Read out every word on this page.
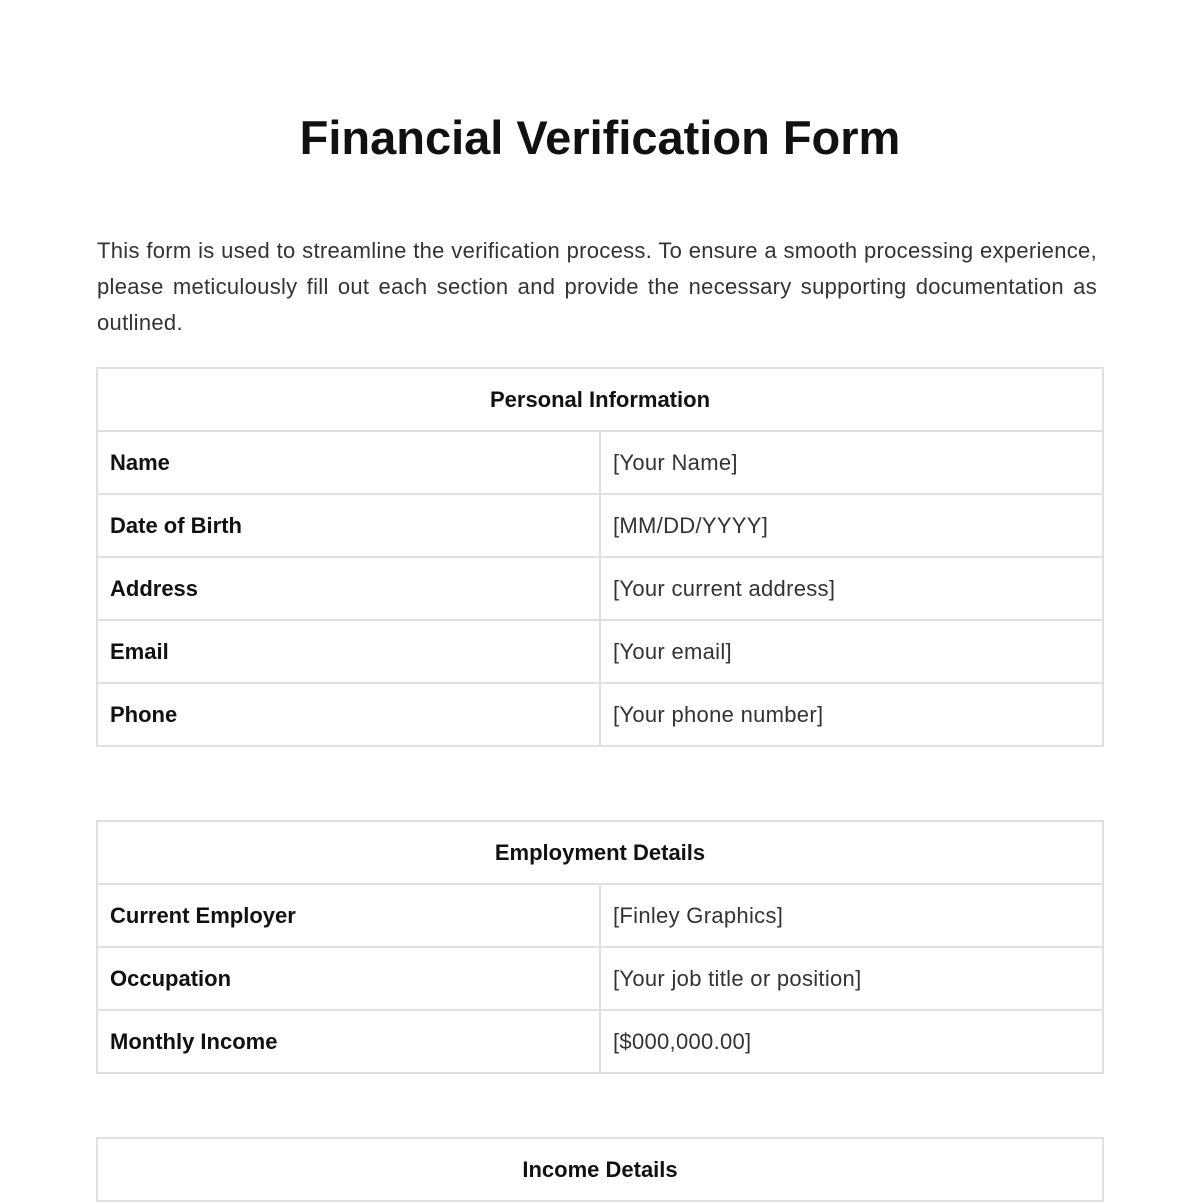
Financial Verification Form

This form is used to streamline the verification process. To ensure a smooth processing experience, please meticulously fill out each section and provide the necessary supporting documentation as outlined.

Personal Information	
Name	[Your Name]
Date of Birth	[MM/DD/YYYY]
Address	[Your current address]
Email	[Your email]
Phone	[Your phone number]
Employment Details	
Current Employer	[Finley Graphics]
Occupation	[Your job title or position]
Monthly Income	[$000,000.00]
Income Details
